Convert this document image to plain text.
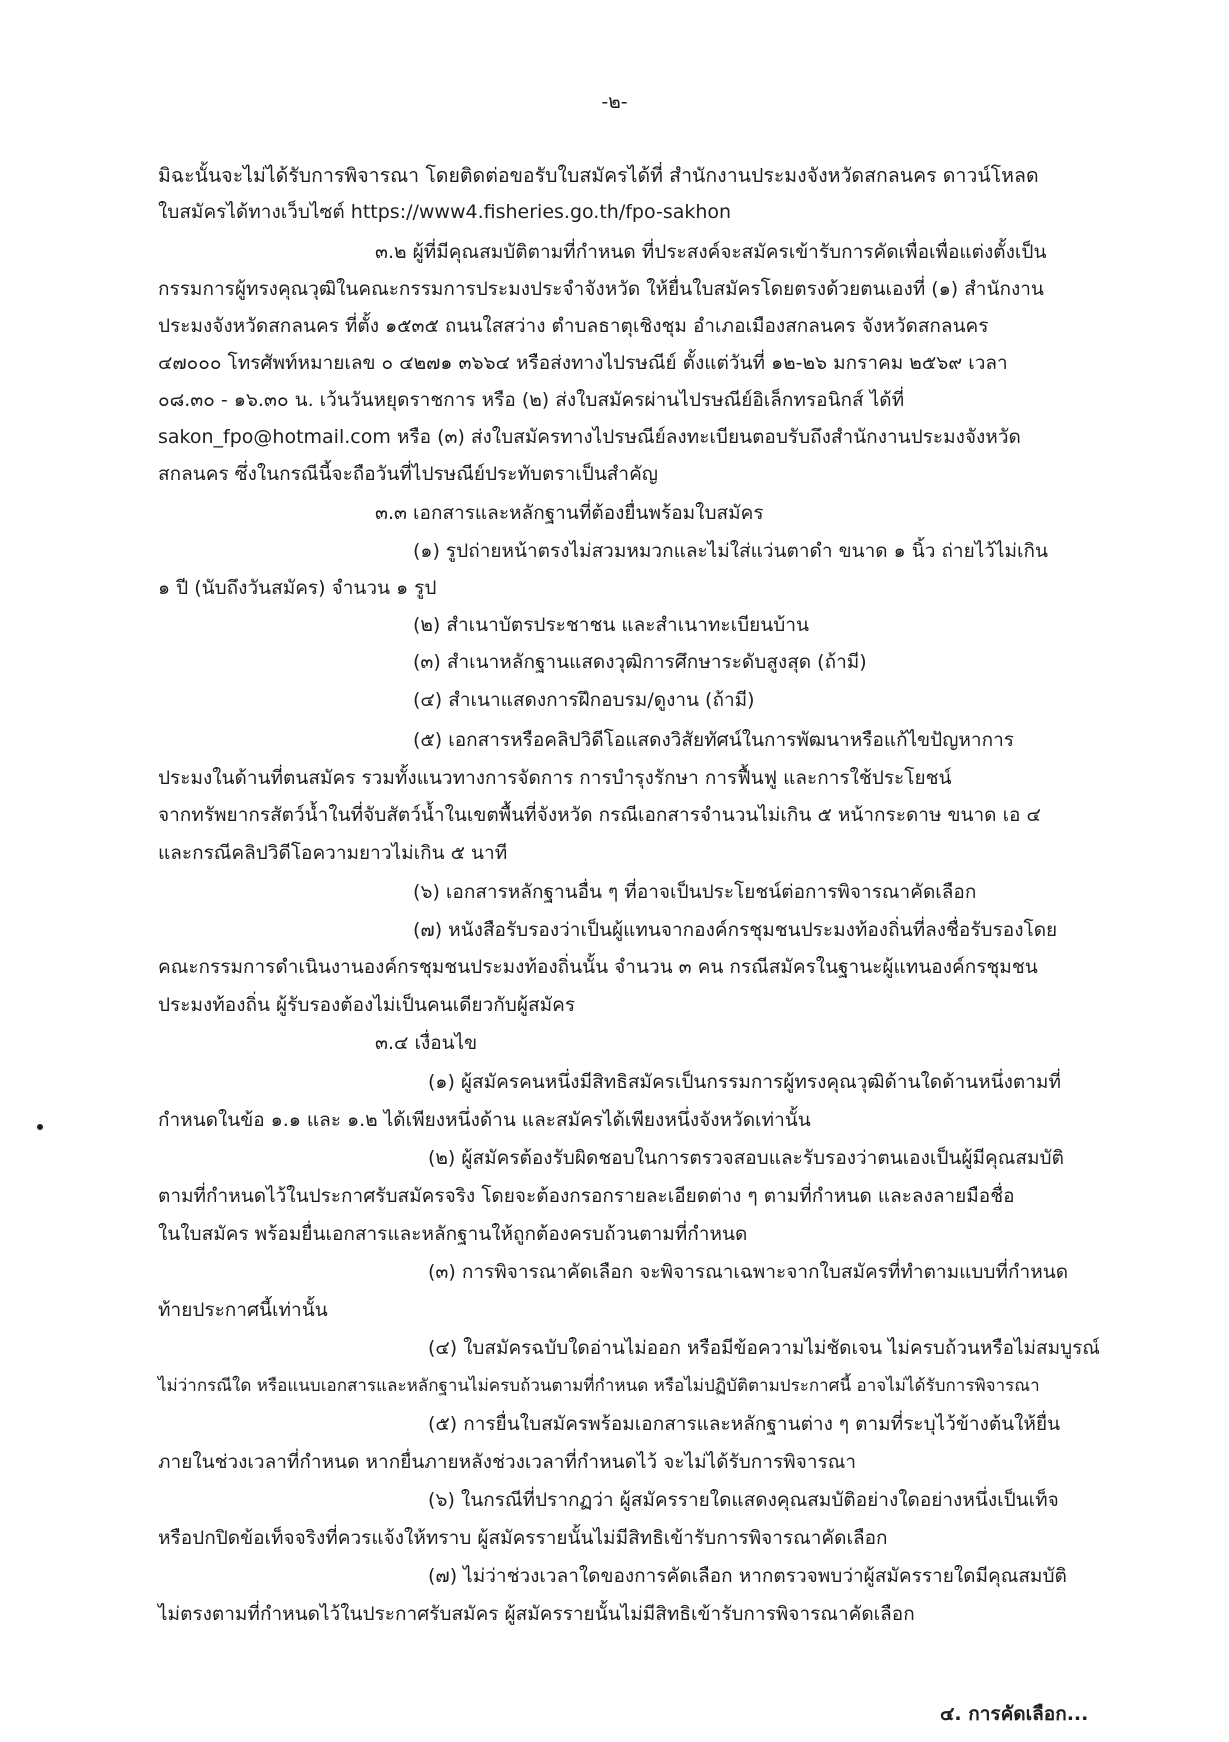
-๒-
มิฉะนั้นจะไม่ได้รับการพิจารณา โดยติดต่อขอรับใบสมัครได้ที่ สำนักงานประมงจังหวัดสกลนคร ดาวน์โหลด
ใบสมัครได้ทางเว็บไซต์ https://www4.fisheries.go.th/fpo-sakhon
๓.๒ ผู้ที่มีคุณสมบัติตามที่กำหนด ที่ประสงค์จะสมัครเข้ารับการคัดเพื่อเพื่อแต่งตั้งเป็น
กรรมการผู้ทรงคุณวุฒิในคณะกรรมการประมงประจำจังหวัด ให้ยื่นใบสมัครโดยตรงด้วยตนเองที่ (๑) สำนักงาน
ประมงจังหวัดสกลนคร ที่ตั้ง ๑๕๓๕ ถนนใสสว่าง ตำบลธาตุเชิงชุม อำเภอเมืองสกลนคร จังหวัดสกลนคร
๔๗๐๐๐ โทรศัพท์หมายเลข ๐ ๔๒๗๑ ๓๖๖๔ หรือส่งทางไปรษณีย์ ตั้งแต่วันที่ ๑๒-๒๖ มกราคม ๒๕๖๙ เวลา
๐๘.๓๐ - ๑๖.๓๐ น. เว้นวันหยุดราชการ หรือ (๒) ส่งใบสมัครผ่านไปรษณีย์อิเล็กทรอนิกส์ ได้ที่
sakon_fpo@hotmail.com หรือ (๓) ส่งใบสมัครทางไปรษณีย์ลงทะเบียนตอบรับถึงสำนักงานประมงจังหวัด
สกลนคร ซึ่งในกรณีนี้จะถือวันที่ไปรษณีย์ประทับตราเป็นสำคัญ
๓.๓ เอกสารและหลักฐานที่ต้องยื่นพร้อมใบสมัคร
(๑) รูปถ่ายหน้าตรงไม่สวมหมวกและไม่ใส่แว่นตาดำ ขนาด ๑ นิ้ว ถ่ายไว้ไม่เกิน
๑ ปี (นับถึงวันสมัคร) จำนวน ๑ รูป
(๒) สำเนาบัตรประชาชน และสำเนาทะเบียนบ้าน
(๓) สำเนาหลักฐานแสดงวุฒิการศึกษาระดับสูงสุด (ถ้ามี)
(๔) สำเนาแสดงการฝึกอบรม/ดูงาน (ถ้ามี)
(๕) เอกสารหรือคลิปวิดีโอแสดงวิสัยทัศน์ในการพัฒนาหรือแก้ไขปัญหาการ
ประมงในด้านที่ตนสมัคร รวมทั้งแนวทางการจัดการ การบำรุงรักษา การฟื้นฟู และการใช้ประโยชน์
จากทรัพยากรสัตว์น้ำในที่จับสัตว์น้ำในเขตพื้นที่จังหวัด กรณีเอกสารจำนวนไม่เกิน ๕ หน้ากระดาษ ขนาด เอ ๔
และกรณีคลิปวิดีโอความยาวไม่เกิน ๕ นาที
(๖) เอกสารหลักฐานอื่น ๆ ที่อาจเป็นประโยชน์ต่อการพิจารณาคัดเลือก
(๗) หนังสือรับรองว่าเป็นผู้แทนจากองค์กรชุมชนประมงท้องถิ่นที่ลงชื่อรับรองโดย
คณะกรรมการดำเนินงานองค์กรชุมชนประมงท้องถิ่นนั้น จำนวน ๓ คน กรณีสมัครในฐานะผู้แทนองค์กรชุมชน
ประมงท้องถิ่น ผู้รับรองต้องไม่เป็นคนเดียวกับผู้สมัคร
๓.๔ เงื่อนไข
(๑) ผู้สมัครคนหนึ่งมีสิทธิสมัครเป็นกรรมการผู้ทรงคุณวุฒิด้านใดด้านหนึ่งตามที่
กำหนดในข้อ ๑.๑ และ ๑.๒ ได้เพียงหนึ่งด้าน และสมัครได้เพียงหนึ่งจังหวัดเท่านั้น
(๒) ผู้สมัครต้องรับผิดชอบในการตรวจสอบและรับรองว่าตนเองเป็นผู้มีคุณสมบัติ
ตามที่กำหนดไว้ในประกาศรับสมัครจริง โดยจะต้องกรอกรายละเอียดต่าง ๆ ตามที่กำหนด และลงลายมือชื่อ
ในใบสมัคร พร้อมยื่นเอกสารและหลักฐานให้ถูกต้องครบถ้วนตามที่กำหนด
(๓) การพิจารณาคัดเลือก จะพิจารณาเฉพาะจากใบสมัครที่ทำตามแบบที่กำหนด
ท้ายประกาศนี้เท่านั้น
(๔) ใบสมัครฉบับใดอ่านไม่ออก หรือมีข้อความไม่ชัดเจน ไม่ครบถ้วนหรือไม่สมบูรณ์
ไม่ว่ากรณีใด หรือแนบเอกสารและหลักฐานไม่ครบถ้วนตามที่กำหนด หรือไม่ปฏิบัติตามประกาศนี้ อาจไม่ได้รับการพิจารณา
(๕) การยื่นใบสมัครพร้อมเอกสารและหลักฐานต่าง ๆ ตามที่ระบุไว้ข้างต้นให้ยื่น
ภายในช่วงเวลาที่กำหนด หากยื่นภายหลังช่วงเวลาที่กำหนดไว้ จะไม่ได้รับการพิจารณา
(๖) ในกรณีที่ปรากฏว่า ผู้สมัครรายใดแสดงคุณสมบัติอย่างใดอย่างหนึ่งเป็นเท็จ
หรือปกปิดข้อเท็จจริงที่ควรแจ้งให้ทราบ ผู้สมัครรายนั้นไม่มีสิทธิเข้ารับการพิจารณาคัดเลือก
(๗) ไม่ว่าช่วงเวลาใดของการคัดเลือก หากตรวจพบว่าผู้สมัครรายใดมีคุณสมบัติ
ไม่ตรงตามที่กำหนดไว้ในประกาศรับสมัคร ผู้สมัครรายนั้นไม่มีสิทธิเข้ารับการพิจารณาคัดเลือก
๔. การคัดเลือก...
